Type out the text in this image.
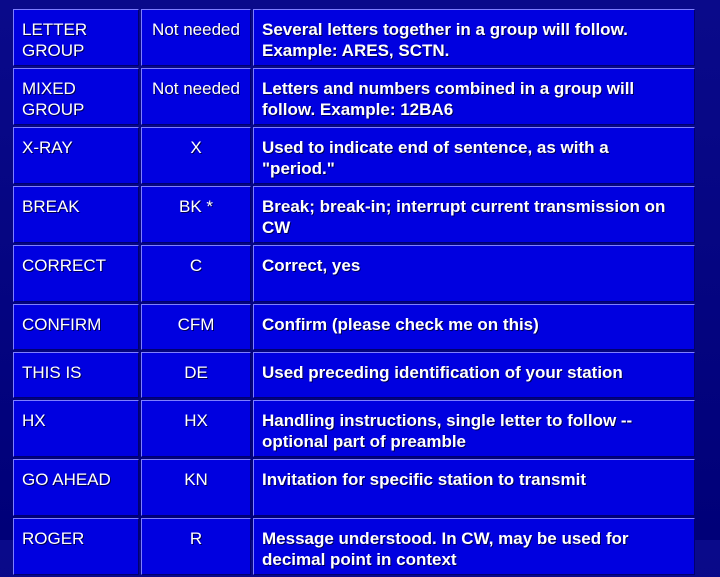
LETTER GROUP	Not needed	Several letters together in a group will follow. Example: ARES, SCTN.
MIXED GROUP	Not needed	Letters and numbers combined in a group will follow. Example: 12BA6
X-RAY	X	Used to indicate end of sentence, as with a "period."
BREAK	BK *	Break; break-in; interrupt current transmission on CW
CORRECT	C	Correct, yes
CONFIRM	CFM	Confirm (please check me on this)
THIS IS	DE	Used preceding identification of your station
HX	HX	Handling instructions, single letter to follow -- optional part of preamble
GO AHEAD	KN	Invitation for specific station to transmit
ROGER	R	Message understood. In CW, may be used for decimal point in context
